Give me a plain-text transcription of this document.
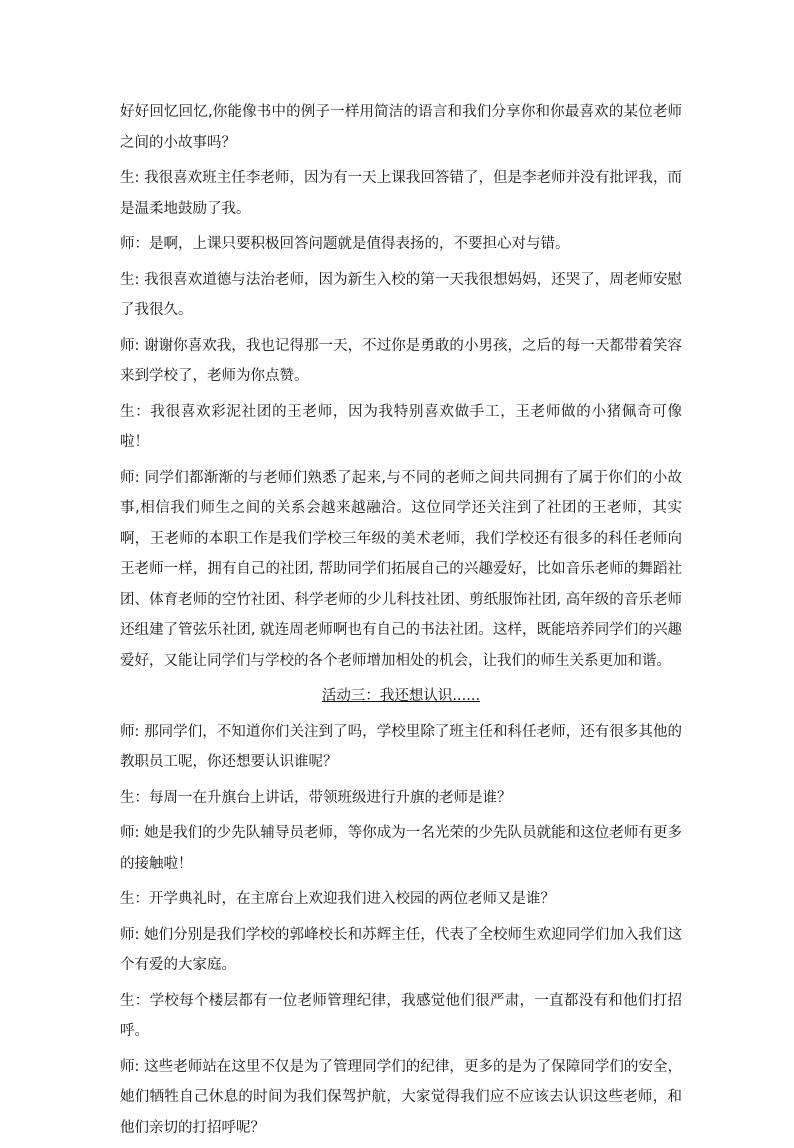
好好回忆回忆,你能像书中的例子一样用简洁的语言和我们分享你和你最喜欢的某位老师之间的小故事吗？

生: 我很喜欢班主任李老师，因为有一天上课我回答错了，但是李老师并没有批评我，而是温柔地鼓励了我。

师：是啊，上课只要积极回答问题就是值得表扬的，不要担心对与错。

生: 我很喜欢道德与法治老师，因为新生入校的第一天我很想妈妈，还哭了，周老师安慰了我很久。

师: 谢谢你喜欢我，我也记得那一天，不过你是勇敢的小男孩，之后的每一天都带着笑容来到学校了，老师为你点赞。

生：我很喜欢彩泥社团的王老师，因为我特别喜欢做手工，王老师做的小猪佩奇可像啦！

师: 同学们都渐渐的与老师们熟悉了起来,与不同的老师之间共同拥有了属于你们的小故事,相信我们师生之间的关系会越来越融洽。这位同学还关注到了社团的王老师，其实啊，王老师的本职工作是我们学校三年级的美术老师，我们学校还有很多的科任老师向王老师一样，拥有自己的社团, 帮助同学们拓展自己的兴趣爱好，比如音乐老师的舞蹈社团、体育老师的空竹社团、科学老师的少儿科技社团、剪纸服饰社团, 高年级的音乐老师还组建了管弦乐社团, 就连周老师啊也有自己的书法社团。这样，既能培养同学们的兴趣爱好，又能让同学们与学校的各个老师增加相处的机会，让我们的师生关系更加和谐。

活动三：我还想认识......

师: 那同学们，不知道你们关注到了吗，学校里除了班主任和科任老师，还有很多其他的教职员工呢，你还想要认识谁呢？

生：每周一在升旗台上讲话，带领班级进行升旗的老师是谁？

师: 她是我们的少先队辅导员老师，等你成为一名光荣的少先队员就能和这位老师有更多的接触啦！

生：开学典礼时，在主席台上欢迎我们进入校园的两位老师又是谁？

师: 她们分别是我们学校的郭峰校长和苏辉主任，代表了全校师生欢迎同学们加入我们这个有爱的大家庭。

生：学校每个楼层都有一位老师管理纪律，我感觉他们很严肃，一直都没有和他们打招呼。

师: 这些老师站在这里不仅是为了管理同学们的纪律，更多的是为了保障同学们的安全，她们牺牲自己休息的时间为我们保驾护航，大家觉得我们应不应该去认识这些老师，和他们亲切的打招呼呢？
